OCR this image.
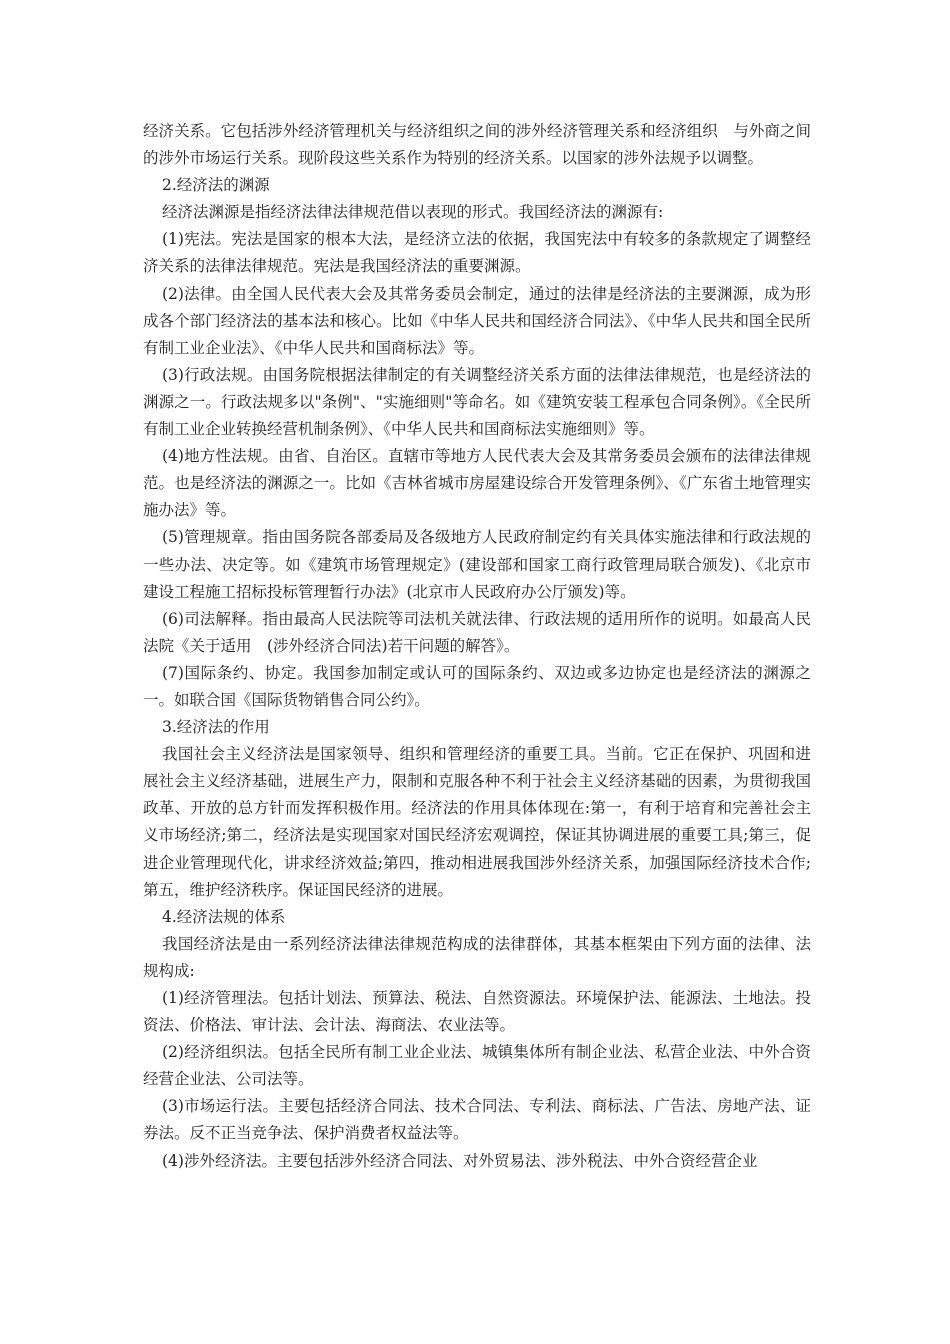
经济关系。它包括涉外经济管理机关与经济组织之间的涉外经济管理关系和经济组织　与外商之间的涉外市场运行关系。现阶段这些关系作为特别的经济关系。以国家的涉外法规予以调整。

2.经济法的渊源

经济法渊源是指经济法律法律规范借以表现的形式。我国经济法的渊源有:

(1)宪法。宪法是国家的根本大法，是经济立法的依据，我国宪法中有较多的条款规定了调整经济关系的法律法律规范。宪法是我国经济法的重要渊源。

(2)法律。由全国人民代表大会及其常务委员会制定，通过的法律是经济法的主要渊源，成为形成各个部门经济法的基本法和核心。比如《中华人民共和国经济合同法》、《中华人民共和国全民所有制工业企业法》、《中华人民共和国商标法》等。

(3)行政法规。由国务院根据法律制定的有关调整经济关系方面的法律法律规范，也是经济法的渊源之一。行政法规多以"条例"、"实施细则"等命名。如《建筑安装工程承包合同条例》。《全民所有制工业企业转换经营机制条例》、《中华人民共和国商标法实施细则》等。

(4)地方性法规。由省、自治区。直辖市等地方人民代表大会及其常务委员会颁布的法律法律规范。也是经济法的渊源之一。比如《吉林省城市房屋建设综合开发管理条例》、《广东省土地管理实施办法》等。

(5)管理规章。指由国务院各部委局及各级地方人民政府制定约有关具体实施法律和行政法规的一些办法、决定等。如《建筑市场管理规定》(建设部和国家工商行政管理局联合颁发)、《北京市建设工程施工招标投标管理暂行办法》(北京市人民政府办公厅颁发)等。

(6)司法解释。指由最高人民法院等司法机关就法律、行政法规的适用所作的说明。如最高人民法院《关于适用　(涉外经济合同法)若干问题的解答》。

(7)国际条约、协定。我国参加制定或认可的国际条约、双边或多边协定也是经济法的渊源之一。如联合国《国际货物销售合同公约》。

3.经济法的作用

我国社会主义经济法是国家领导、组织和管理经济的重要工具。当前。它正在保护、巩固和进展社会主义经济基础，进展生产力，限制和克服各种不利于社会主义经济基础的因素，为贯彻我国政革、开放的总方针而发挥积极作用。经济法的作用具体体现在:第一，有利于培育和完善社会主义市场经济;第二，经济法是实现国家对国民经济宏观调控，保证其协调进展的重要工具;第三，促进企业管理现代化，讲求经济效益;第四，推动相进展我国涉外经济关系，加强国际经济技术合作;第五，维护经济秩序。保证国民经济的进展。

4.经济法规的体系

我国经济法是由一系列经济法律法律规范构成的法律群体，其基本框架由下列方面的法律、法规构成:

(1)经济管理法。包括计划法、预算法、税法、自然资源法。环境保护法、能源法、土地法。投资法、价格法、审计法、会计法、海商法、农业法等。

(2)经济组织法。包括全民所有制工业企业法、城镇集体所有制企业法、私营企业法、中外合资经营企业法、公司法等。

(3)市场运行法。主要包括经济合同法、技术合同法、专利法、商标法、广告法、房地产法、证券法。反不正当竞争法、保护消费者权益法等。

(4)涉外经济法。主要包括涉外经济合同法、对外贸易法、涉外税法、中外合资经营企业
